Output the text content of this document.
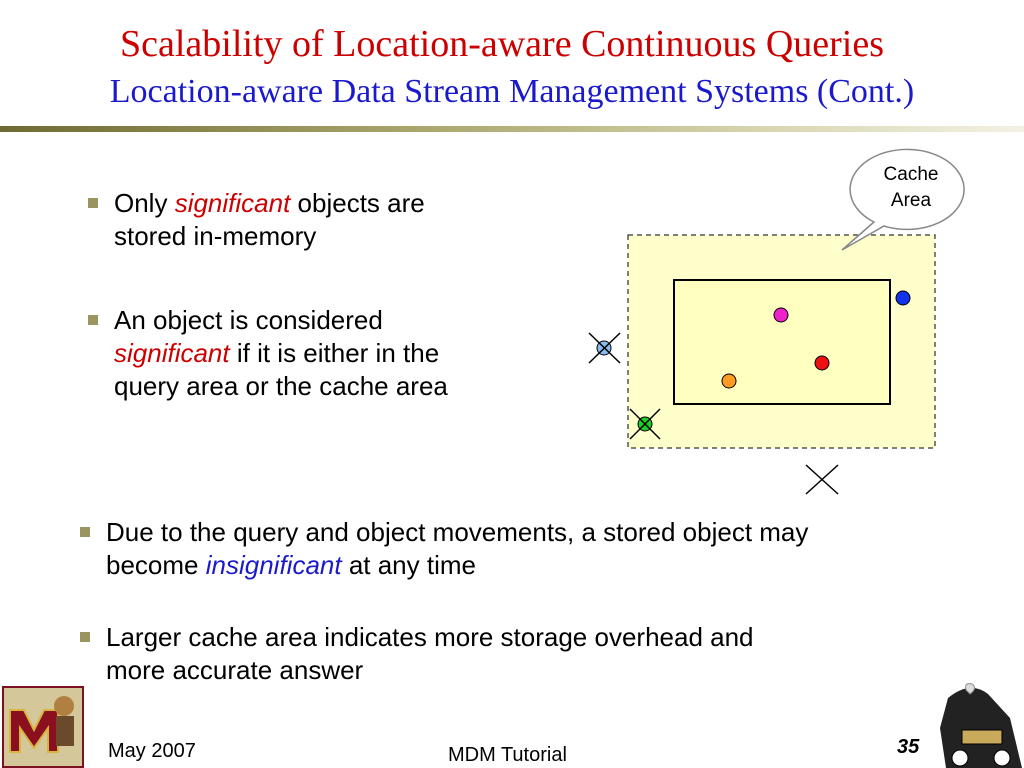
Scalability of Location-aware Continuous Queries
Location-aware Data Stream Management Systems (Cont.)
Only significant objects are
stored in-memory
An object is considered
significant if it is either in the
query area or the cache area
Cache
Area
Due to the query and object movements, a stored object may
become insignificant at any time
Larger cache area indicates more storage overhead and
more accurate answer
May 2007	MDM Tutorial	35
